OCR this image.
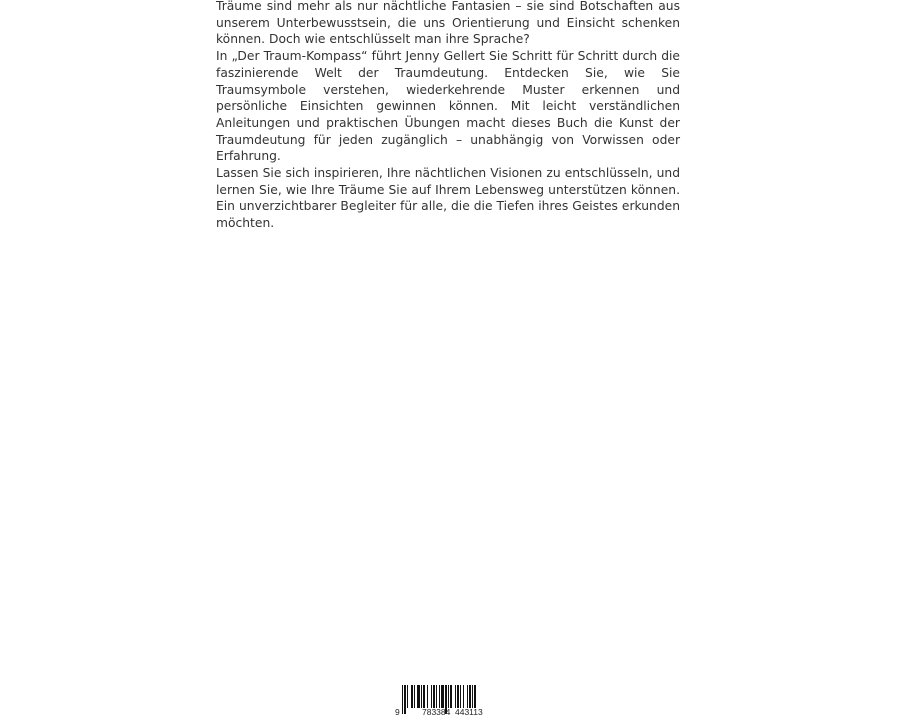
Träume sind mehr als nur nächtliche Fantasien – sie sind Botschaften aus unserem Unterbewusstsein, die uns Orientierung und Einsicht schenken können. Doch wie entschlüsselt man ihre Sprache?

In „Der Traum-Kompass“ führt Jenny Gellert Sie Schritt für Schritt durch die faszinierende Welt der Traumdeutung. Entdecken Sie, wie Sie Traumsymbole verstehen, wiederkehrende Muster erkennen und persönliche Einsichten gewinnen können. Mit leicht verständlichen Anleitungen und praktischen Übungen macht dieses Buch die Kunst der Traumdeutung für jeden zugänglich – unabhängig von Vorwissen oder Erfahrung.

Lassen Sie sich inspirieren, Ihre nächtlichen Visionen zu entschlüsseln, und lernen Sie, wie Ihre Träume Sie auf Ihrem Lebensweg unterstützen können. Ein unverzichtbarer Begleiter für alle, die die Tiefen ihres Geistes erkunden möchten.

9	783384 443113
